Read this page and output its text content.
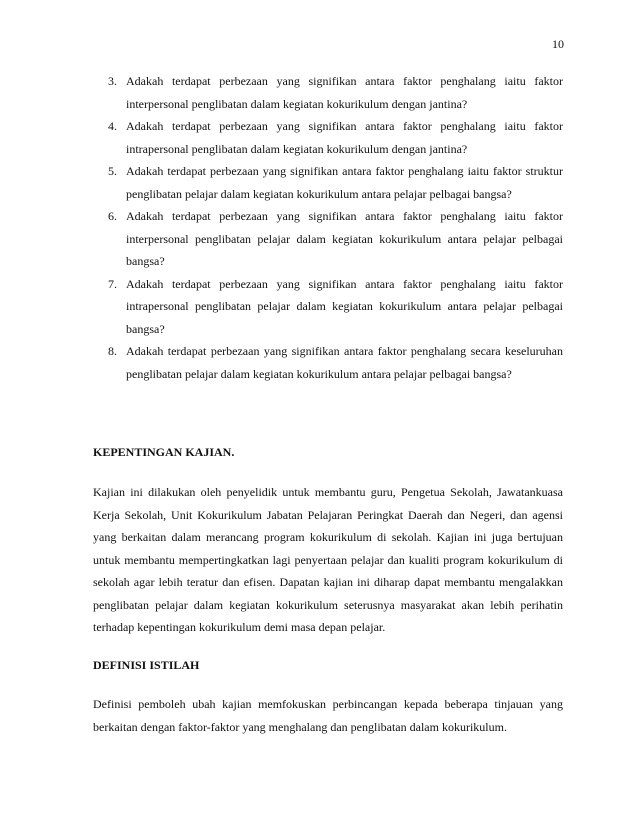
10
3. Adakah terdapat perbezaan yang signifikan antara faktor penghalang iaitu faktor interpersonal penglibatan dalam kegiatan kokurikulum dengan jantina?
4. Adakah terdapat perbezaan yang signifikan antara faktor penghalang iaitu faktor intrapersonal penglibatan dalam kegiatan kokurikulum dengan jantina?
5. Adakah terdapat perbezaan yang signifikan antara faktor penghalang iaitu faktor struktur penglibatan pelajar dalam kegiatan kokurikulum antara pelajar pelbagai bangsa?
6. Adakah terdapat perbezaan yang signifikan antara faktor penghalang iaitu faktor interpersonal penglibatan pelajar dalam kegiatan kokurikulum antara pelajar pelbagai bangsa?
7. Adakah terdapat perbezaan yang signifikan antara faktor penghalang iaitu faktor intrapersonal penglibatan pelajar dalam kegiatan kokurikulum antara pelajar pelbagai bangsa?
8. Adakah terdapat perbezaan yang signifikan antara faktor penghalang secara keseluruhan penglibatan pelajar dalam kegiatan kokurikulum antara pelajar pelbagai bangsa?
KEPENTINGAN KAJIAN.

Kajian ini dilakukan oleh penyelidik untuk membantu guru, Pengetua Sekolah, Jawatankuasa Kerja Sekolah, Unit Kokurikulum Jabatan Pelajaran Peringkat Daerah dan Negeri, dan agensi yang berkaitan dalam merancang program kokurikulum di sekolah. Kajian ini juga bertujuan untuk membantu mempertingkatkan lagi penyertaan pelajar dan kualiti program kokurikulum di sekolah agar lebih teratur dan efisen. Dapatan kajian ini diharap dapat membantu mengalakkan penglibatan pelajar dalam kegiatan kokurikulum seterusnya masyarakat akan lebih perihatin terhadap kepentingan kokurikulum demi masa depan pelajar.

DEFINISI ISTILAH

Definisi pemboleh ubah kajian memfokuskan perbincangan kepada beberapa tinjauan yang berkaitan dengan faktor-faktor yang menghalang dan penglibatan dalam kokurikulum.
